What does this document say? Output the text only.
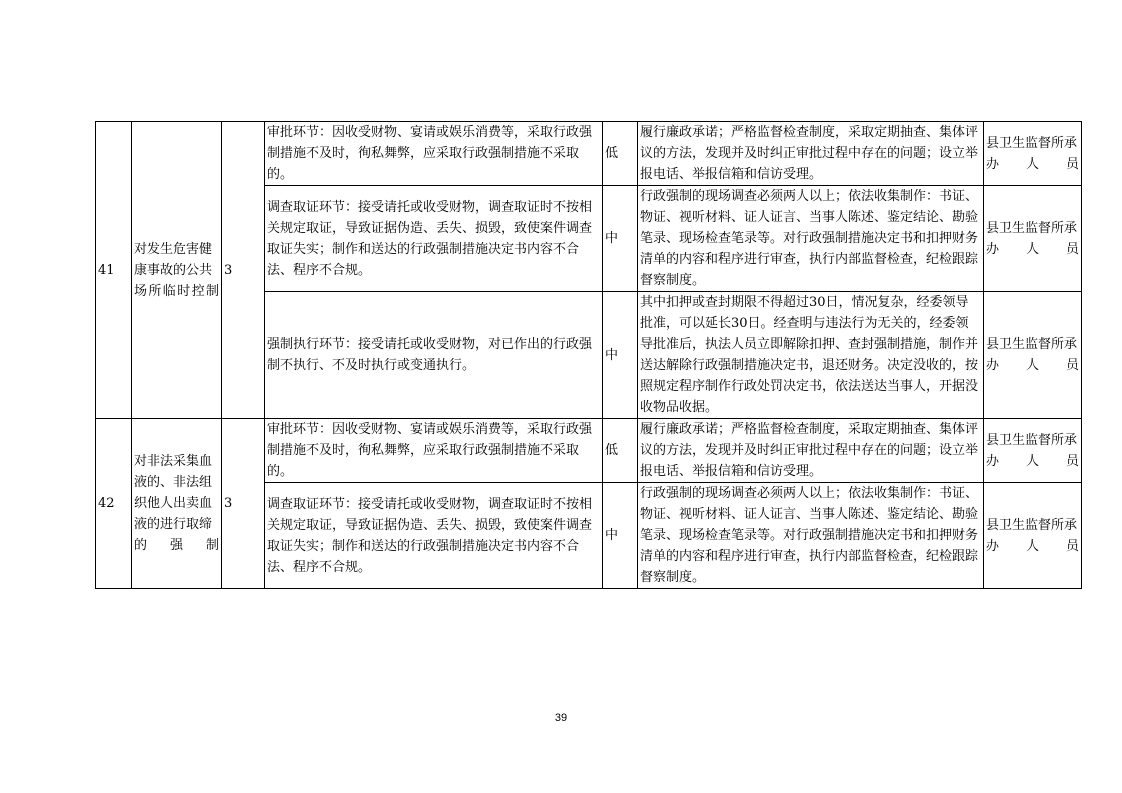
41	对发生危害健康事故的公共场所临时控制	3	审批环节：因收受财物、宴请或娱乐消费等，采取行政强制措施不及时，徇私舞弊，应采取行政强制措施不采取的。	低	履行廉政承诺；严格监督检查制度，采取定期抽查、集体评议的方法，发现并及时纠正审批过程中存在的问题；设立举报电话、举报信箱和信访受理。	县卫生监督所承办人员
			调查取证环节：接受请托或收受财物，调查取证时不按相关规定取证，导致证据伪造、丢失、损毁，致使案件调查取证失实；制作和送达的行政强制措施决定书内容不合法、程序不合规。	中	行政强制的现场调查必须两人以上；依法收集制作：书证、物证、视听材料、证人证言、当事人陈述、鉴定结论、勘验笔录、现场检查笔录等。对行政强制措施决定书和扣押财务清单的内容和程序进行审查，执行内部监督检查，纪检跟踪督察制度。	县卫生监督所承办人员
			强制执行环节：接受请托或收受财物，对已作出的行政强制不执行、不及时执行或变通执行。	中	其中扣押或查封期限不得超过30日，情况复杂，经委领导批准，可以延长30日。经查明与违法行为无关的，经委领导批准后，执法人员立即解除扣押、查封强制措施，制作并送达解除行政强制措施决定书，退还财务。决定没收的，按照规定程序制作行政处罚决定书，依法送达当事人，开据没收物品收据。	县卫生监督所承办人员
42	对非法采集血液的、非法组织他人出卖血液的进行取缔的强制	3	审批环节：因收受财物、宴请或娱乐消费等，采取行政强制措施不及时，徇私舞弊，应采取行政强制措施不采取的。	低	履行廉政承诺；严格监督检查制度，采取定期抽查、集体评议的方法，发现并及时纠正审批过程中存在的问题；设立举报电话、举报信箱和信访受理。	县卫生监督所承办人员
			调查取证环节：接受请托或收受财物，调查取证时不按相关规定取证，导致证据伪造、丢失、损毁，致使案件调查取证失实；制作和送达的行政强制措施决定书内容不合法、程序不合规。	中	行政强制的现场调查必须两人以上；依法收集制作：书证、物证、视听材料、证人证言、当事人陈述、鉴定结论、勘验笔录、现场检查笔录等。对行政强制措施决定书和扣押财务清单的内容和程序进行审查，执行内部监督检查，纪检跟踪督察制度。	县卫生监督所承办人员
39
